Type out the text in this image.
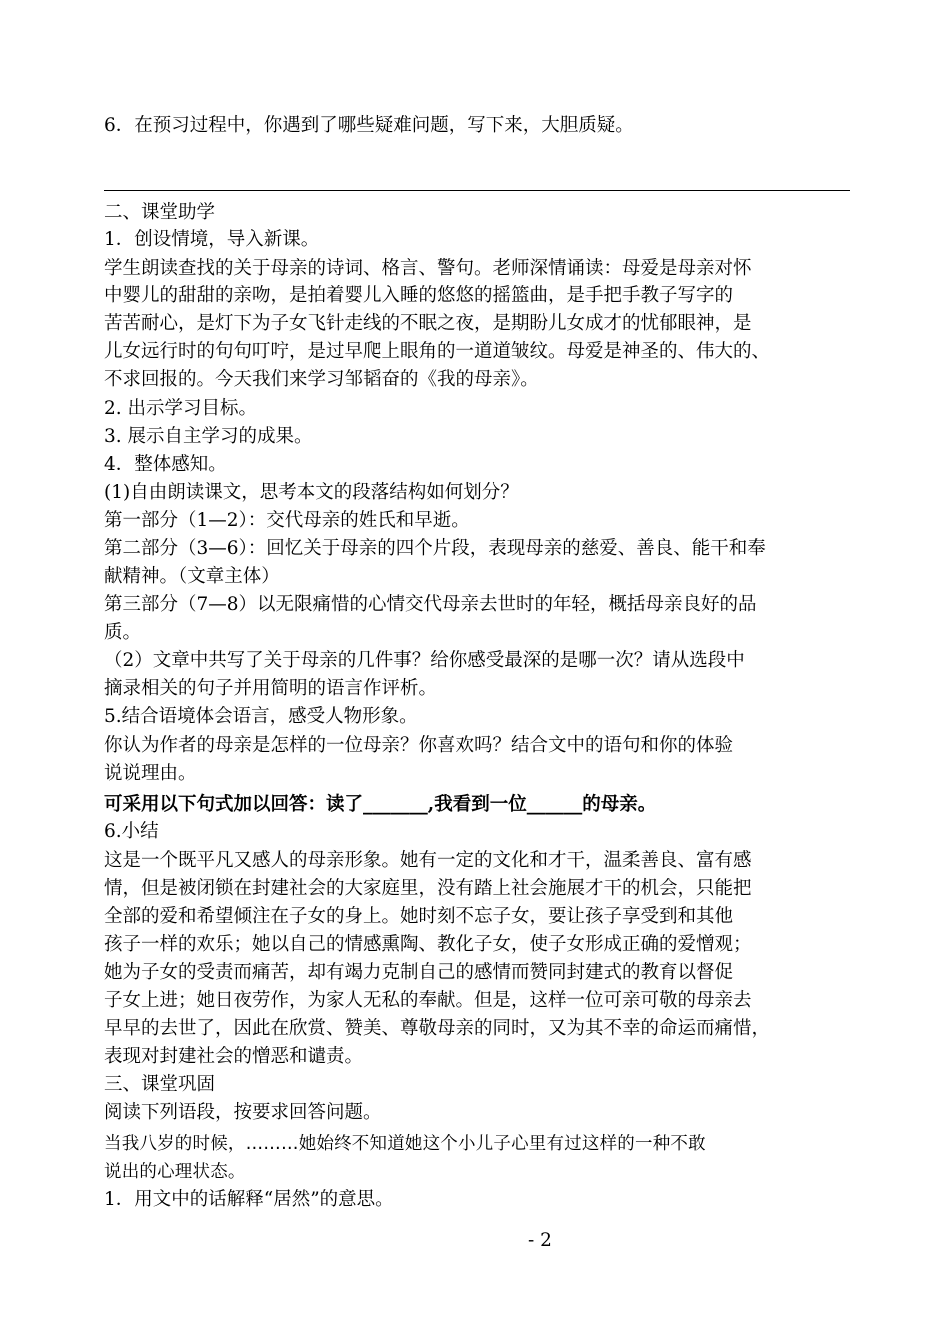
6．在预习过程中，你遇到了哪些疑难问题，写下来，大胆质疑。
二、课堂助学
1．创设情境，导入新课。
学生朗读查找的关于母亲的诗词、格言、警句。老师深情诵读：母爱是母亲对怀
中婴儿的甜甜的亲吻，是拍着婴儿入睡的悠悠的摇篮曲，是手把手教子写字的
苦苦耐心，是灯下为子女飞针走线的不眠之夜，是期盼儿女成才的忧郁眼神，是
儿女远行时的句句叮咛，是过早爬上眼角的一道道皱纹。母爱是神圣的、伟大的、
不求回报的。今天我们来学习邹韬奋的《我的母亲》。
2. 出示学习目标。
3. 展示自主学习的成果。
4．整体感知。
(1)自由朗读课文，思考本文的段落结构如何划分？
第一部分（1—2）：交代母亲的姓氏和早逝。
第二部分（3—6）：回忆关于母亲的四个片段，表现母亲的慈爱、善良、能干和奉
献精神。（文章主体）
第三部分（7—8）以无限痛惜的心情交代母亲去世时的年轻，概括母亲良好的品
质。
（2）文章中共写了关于母亲的几件事？给你感受最深的是哪一次？请从选段中
摘录相关的句子并用简明的语言作评析。
5.结合语境体会语言，感受人物形象。
你认为作者的母亲是怎样的一位母亲？你喜欢吗？结合文中的语句和你的体验
说说理由。
可采用以下句式加以回答：读了_______,我看到一位______的母亲。
6.小结
这是一个既平凡又感人的母亲形象。她有一定的文化和才干，温柔善良、富有感
情，但是被闭锁在封建社会的大家庭里，没有踏上社会施展才干的机会，只能把
全部的爱和希望倾注在子女的身上。她时刻不忘子女，要让孩子享受到和其他
孩子一样的欢乐；她以自己的情感熏陶、教化子女，使子女形成正确的爱憎观；
她为子女的受责而痛苦，却有竭力克制自己的感情而赞同封建式的教育以督促
子女上进；她日夜劳作，为家人无私的奉献。但是，这样一位可亲可敬的母亲去
早早的去世了，因此在欣赏、赞美、尊敬母亲的同时，又为其不幸的命运而痛惜，
表现对封建社会的憎恶和谴责。
三、课堂巩固
阅读下列语段，按要求回答问题。
当我八岁的时候，………她始终不知道她这个小儿子心里有过这样的一种不敢
说出的心理状态。
1．用文中的话解释“居然”的意思。
- 2
